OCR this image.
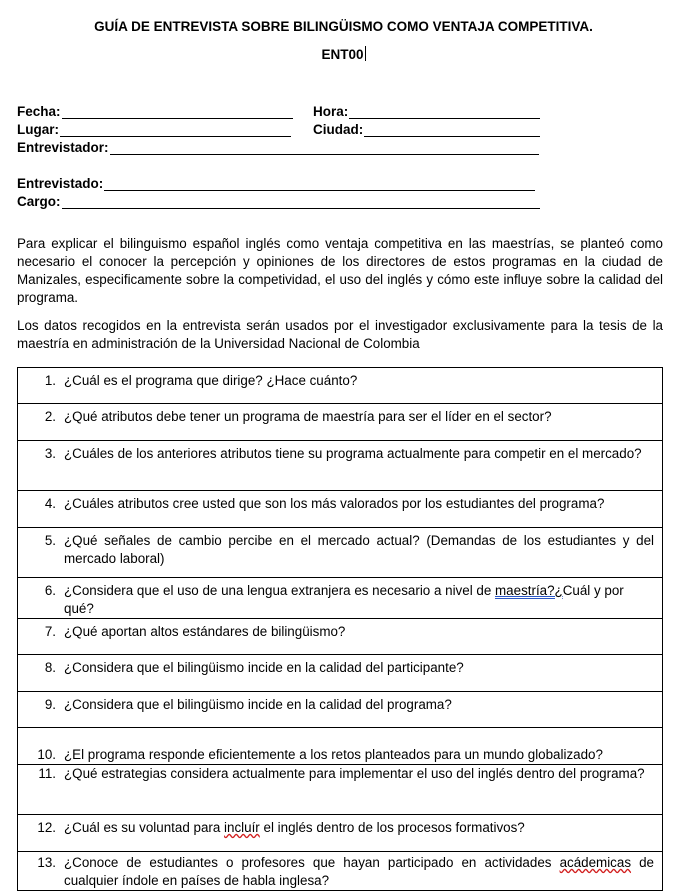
GUÍA DE ENTREVISTA SOBRE BILINGÜISMO COMO VENTAJA COMPETITIVA.
ENT00
Fecha:	Hora:
Lugar:	Ciudad:
Entrevistador:
Entrevistado:
Cargo:

Para explicar el bilinguismo español inglés como ventaja competitiva en las maestrías, se planteó como necesario el conocer la percepción y opiniones de los directores de estos programas en la ciudad de Manizales, especificamente sobre la competividad, el uso del inglés y cómo este influye sobre la calidad del programa.

Los datos recogidos en la entrevista serán usados por el investigador exclusivamente para la tesis de la maestría en administración de la Universidad Nacional de Colombia

1. ¿Cuál es el programa que dirige? ¿Hace cuánto?

2. ¿Qué atributos debe tener un programa de maestría para ser el líder en el sector?

3. ¿Cuáles de los anteriores atributos tiene su programa actualmente para competir en el mercado?

4. ¿Cuáles atributos cree usted que son los más valorados por los estudiantes del programa?

5. ¿Qué señales de cambio percibe en el mercado actual? (Demandas de los estudiantes y del mercado laboral)

6. ¿Considera que el uso de una lengua extranjera es necesario a nivel de maestría?¿Cuál y por qué?

7. ¿Qué aportan altos estándares de bilingüismo?

8. ¿Considera que el bilingüismo incide en la calidad del participante?

9. ¿Considera que el bilingüismo incide en la calidad del programa?

10. ¿El programa responde eficientemente a los retos planteados para un mundo globalizado?

11. ¿Qué estrategias considera actualmente para implementar el uso del inglés dentro del programa?

12. ¿Cuál es su voluntad para incluír el inglés dentro de los procesos formativos?

13. ¿Conoce de estudiantes o profesores que hayan participado en actividades acádemicas de cualquier índole en países de habla inglesa?
